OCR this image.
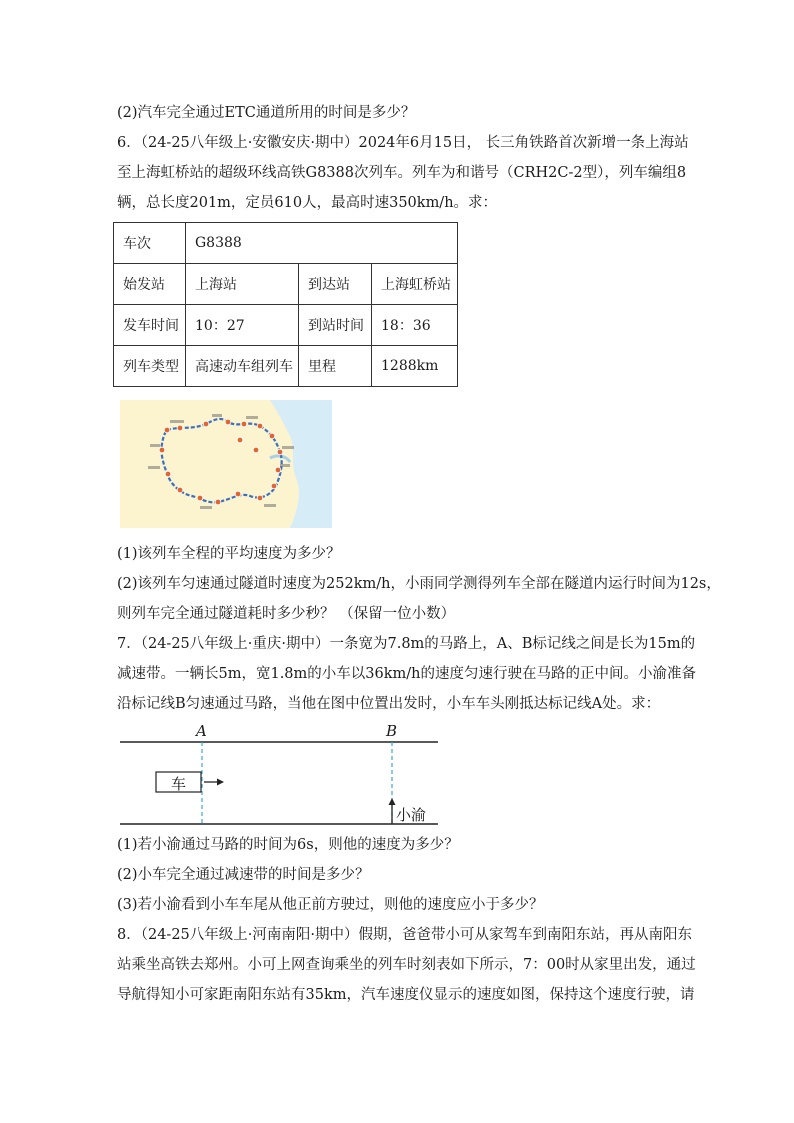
(2)汽车完全通过ETC通道所用的时间是多少？
6．（24-25八年级上·安徽安庆·期中）2024年6月15日， 长三角铁路首次新增一条上海站
至上海虹桥站的超级环线高铁G8388次列车。列车为和谐号（CRH2C-2型），列车编组8
辆，总长度201m，定员610人，最高时速350km/h。求：
车次	G8388		
始发站	上海站	到达站	上海虹桥站
发车时间	10：27	到站时间	18：36
列车类型	高速动车组列车	里程	1288km
(1)该列车全程的平均速度为多少？
(2)该列车匀速通过隧道时速度为252km/h，小雨同学测得列车全部在隧道内运行时间为12s，
则列车完全通过隧道耗时多少秒？ （保留一位小数）
7．（24-25八年级上·重庆·期中）一条宽为7.8m的马路上，A、B标记线之间是长为15m的
减速带。一辆长5m，宽1.8m的小车以36km/h的速度匀速行驶在马路的正中间。小渝准备
沿标记线B匀速通过马路，当他在图中位置出发时，小车车头刚抵达标记线A处。求：
A	B
车
小渝
(1)若小渝通过马路的时间为6s，则他的速度为多少？
(2)小车完全通过减速带的时间是多少？
(3)若小渝看到小车车尾从他正前方驶过，则他的速度应小于多少？
8．（24-25八年级上·河南南阳·期中）假期，爸爸带小可从家驾车到南阳东站，再从南阳东
站乘坐高铁去郑州。小可上网查询乘坐的列车时刻表如下所示，7：00时从家里出发，通过
导航得知小可家距南阳东站有35km，汽车速度仪显示的速度如图，保持这个速度行驶，请
